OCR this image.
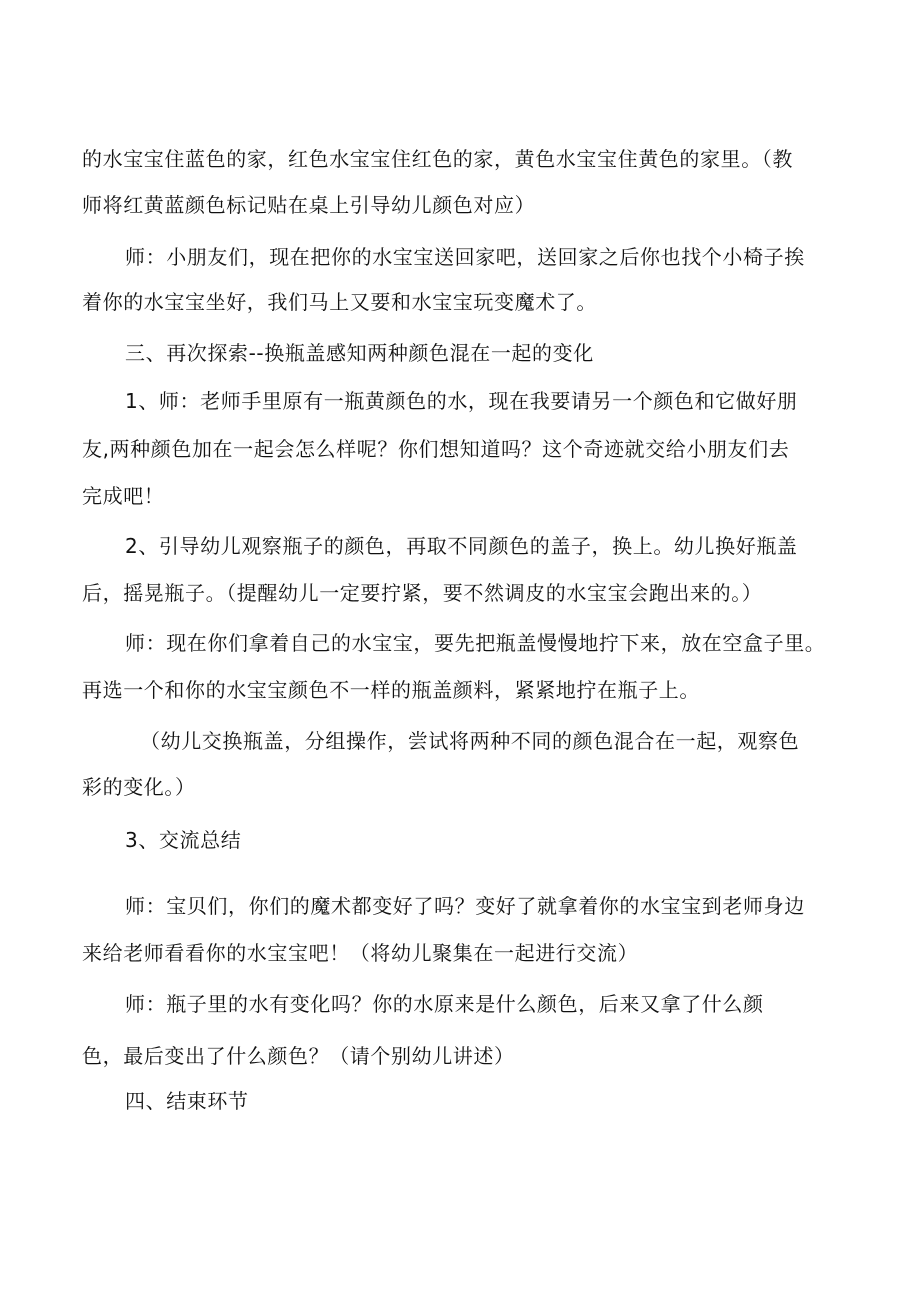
的水宝宝住蓝色的家，红色水宝宝住红色的家，黄色水宝宝住黄色的家里。（教
师将红黄蓝颜色标记贴在桌上引导幼儿颜色对应）
师：小朋友们，现在把你的水宝宝送回家吧，送回家之后你也找个小椅子挨
着你的水宝宝坐好，我们马上又要和水宝宝玩变魔术了。
三、再次探索--换瓶盖感知两种颜色混在一起的变化
1、师：老师手里原有一瓶黄颜色的水，现在我要请另一个颜色和它做好朋
友,两种颜色加在一起会怎么样呢？你们想知道吗？这个奇迹就交给小朋友们去
完成吧！
2、引导幼儿观察瓶子的颜色，再取不同颜色的盖子，换上。幼儿换好瓶盖
后，摇晃瓶子。（提醒幼儿一定要拧紧，要不然调皮的水宝宝会跑出来的。）
师：现在你们拿着自己的水宝宝，要先把瓶盖慢慢地拧下来，放在空盒子里。
再选一个和你的水宝宝颜色不一样的瓶盖颜料，紧紧地拧在瓶子上。
（幼儿交换瓶盖，分组操作，尝试将两种不同的颜色混合在一起，观察色
彩的变化。）
3、交流总结
师：宝贝们，你们的魔术都变好了吗？变好了就拿着你的水宝宝到老师身边
来给老师看看你的水宝宝吧！（将幼儿聚集在一起进行交流）
师：瓶子里的水有变化吗？你的水原来是什么颜色，后来又拿了什么颜
色，最后变出了什么颜色？（请个别幼儿讲述）
四、结束环节
